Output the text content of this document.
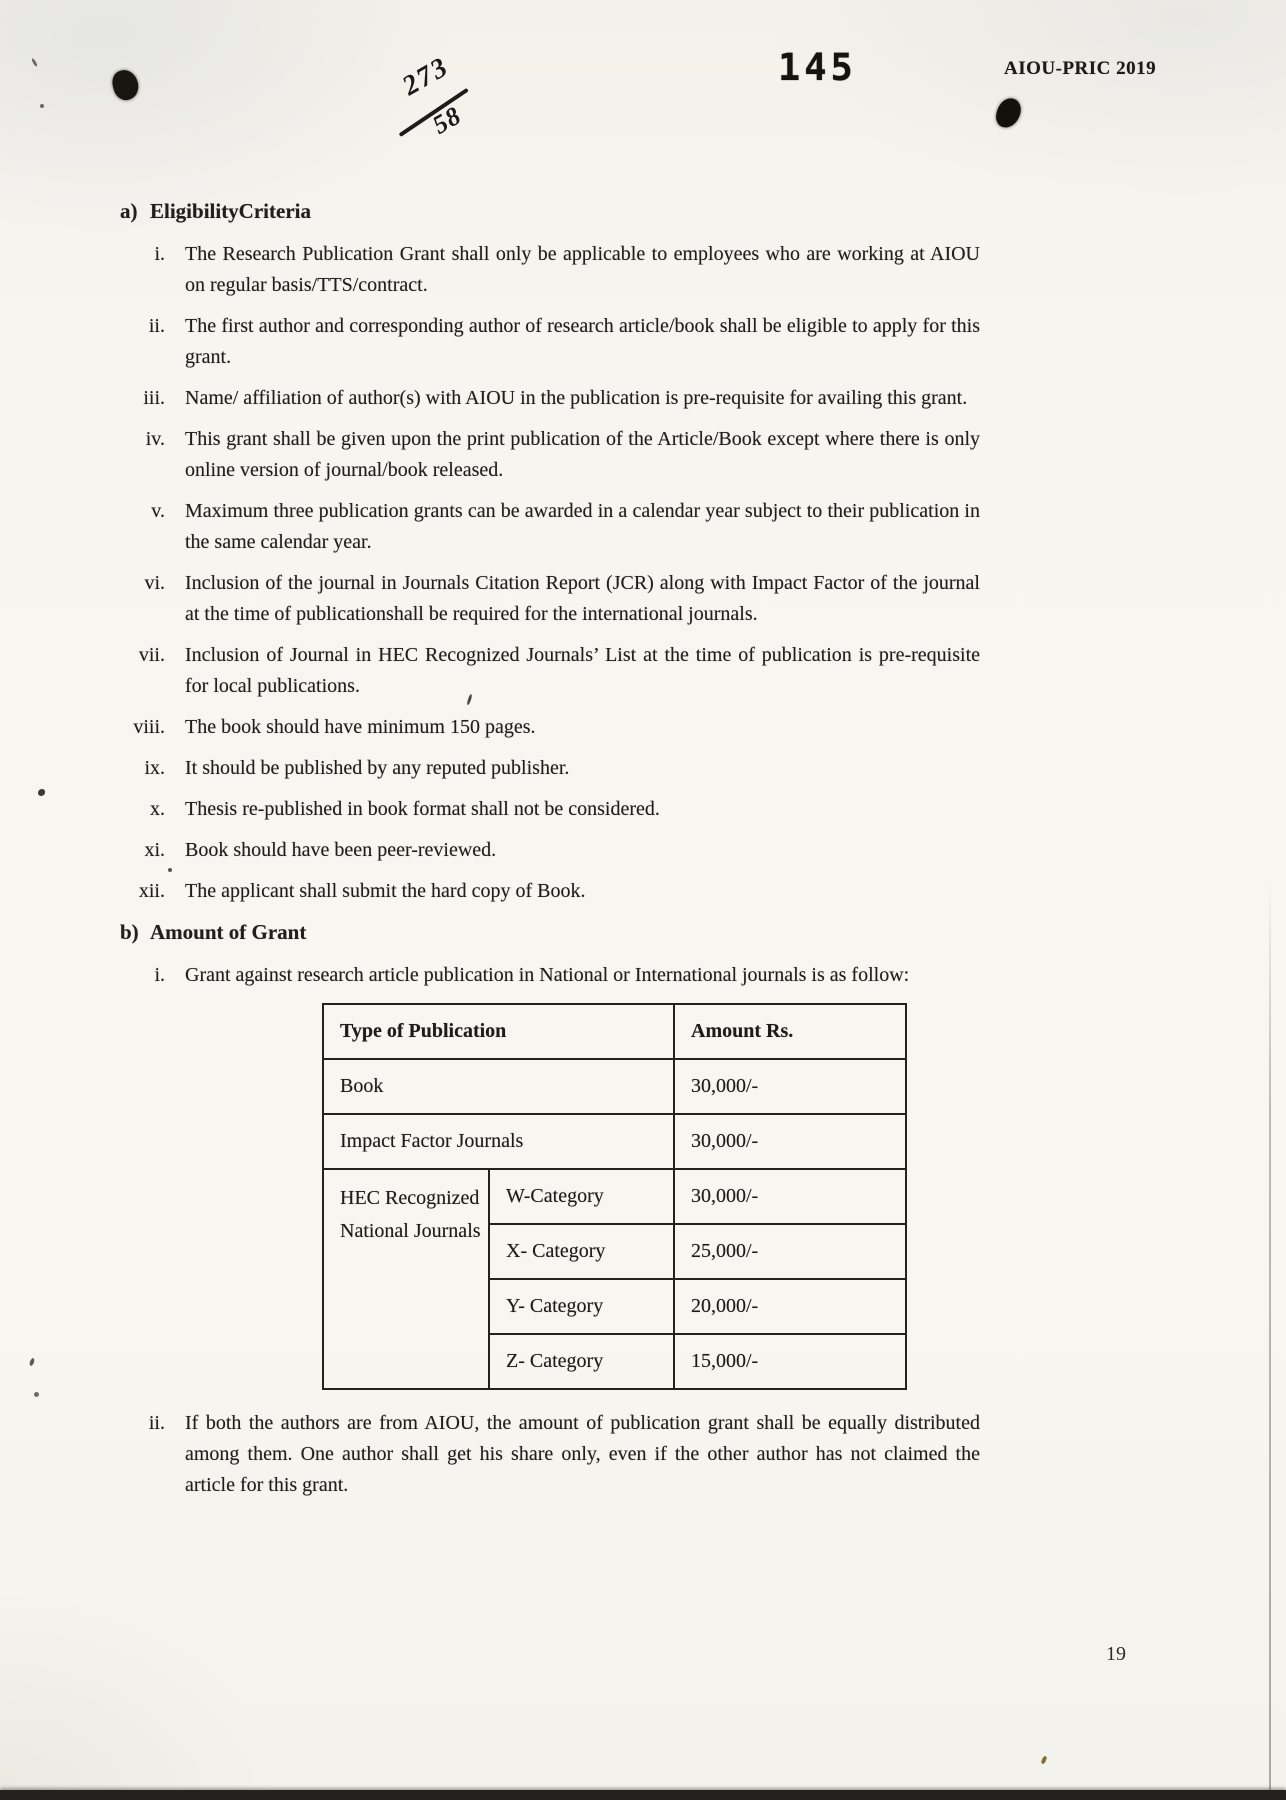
145	AIOU-PRIC 2019
273
58
a) EligibilityCriteria
i. The Research Publication Grant shall only be applicable to employees who are working at AIOU on regular basis/TTS/contract.
ii. The first author and corresponding author of research article/book shall be eligible to apply for this grant.
iii. Name/ affiliation of author(s) with AIOU in the publication is pre-requisite for availing this grant.
iv. This grant shall be given upon the print publication of the Article/Book except where there is only online version of journal/book released.
v. Maximum three publication grants can be awarded in a calendar year subject to their publication in the same calendar year.
vi. Inclusion of the journal in Journals Citation Report (JCR) along with Impact Factor of the journal at the time of publicationshall be required for the international journals.
vii. Inclusion of Journal in HEC Recognized Journals’ List at the time of publication is pre-requisite for local publications.
viii. The book should have minimum 150 pages.
ix. It should be published by any reputed publisher.
x. Thesis re-published in book format shall not be considered.
xi. Book should have been peer-reviewed.
xii. The applicant shall submit the hard copy of Book.
b) Amount of Grant
i. Grant against research article publication in National or International journals is as follow:
Type of Publication		Amount Rs.
Book		30,000/-
Impact Factor Journals		30,000/-
HEC Recognized National Journals	W-Category	30,000/-
	X- Category	25,000/-
	Y- Category	20,000/-
	Z- Category	15,000/-
ii. If both the authors are from AIOU, the amount of publication grant shall be equally distributed among them. One author shall get his share only, even if the other author has not claimed the article for this grant.
19
